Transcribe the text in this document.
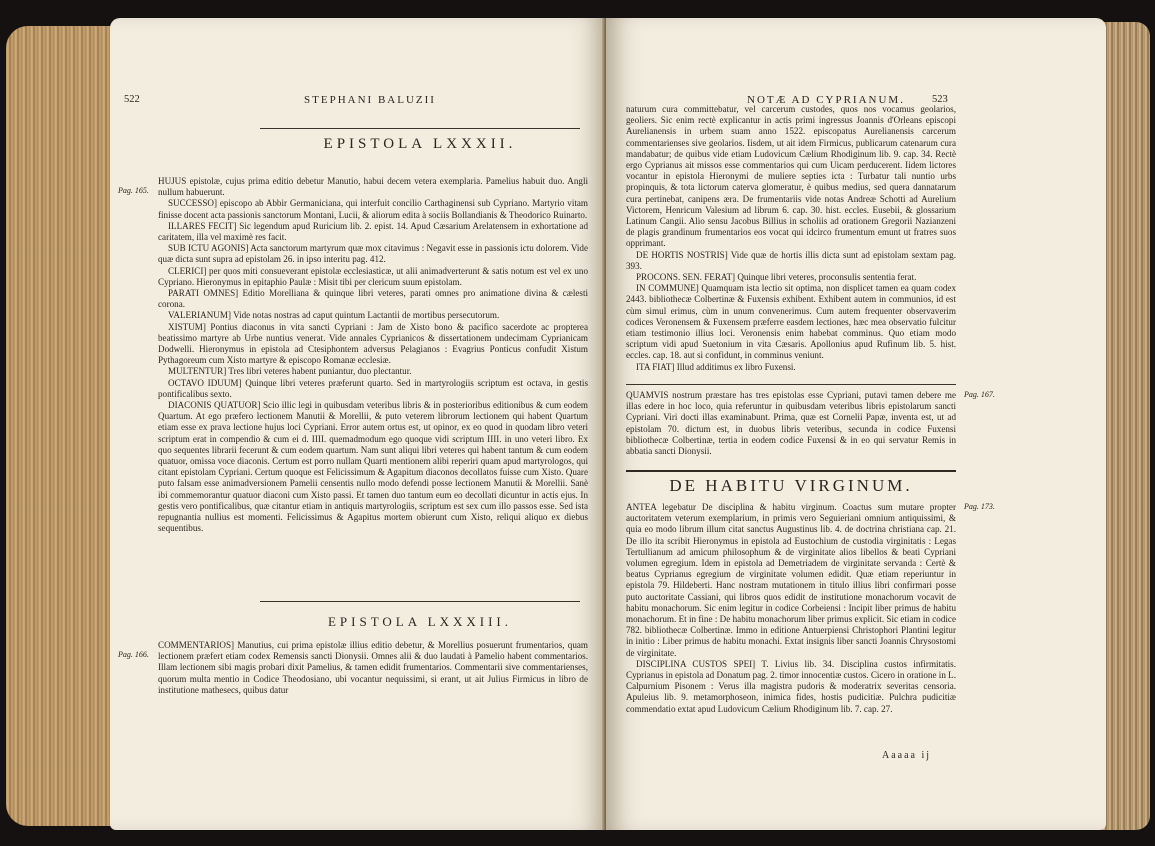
522	STEPHANI BALUZII
EPISTOLA LXXXII.
Pag. 165.

HUJUS epistolæ, cujus prima editio debetur Manutio, habui decem vetera exemplaria. Pamelius habuit duo. Angli nullum habuerunt.

SUCCESSO] episcopo ab Abbir Germaniciana, qui interfuit concilio Carthaginensi sub Cypriano. Martyrio vitam finisse docent acta passionis sanctorum Montani, Lucii, & aliorum edita à sociis Bollandianis & Theodorico Ruinarto.

ILLARES FECIT] Sic legendum apud Ruricium lib. 2. epist. 14. Apud Cæsarium Arelatensem in exhortatione ad caritatem, illa vel maximè res facit.

SUB ICTU AGONIS] Acta sanctorum martyrum quæ mox citavimus : Negavit esse in passionis ictu dolorem. Vide quæ dicta sunt supra ad epistolam 26. in ipso interitu pag. 412.

CLERICI] per quos miti consueverant epistolæ ecclesiasticæ, ut alii animadverterunt & satis notum est vel ex uno Cypriano. Hieronymus in epitaphio Paulæ : Misit tibi per clericum suum epistolam.

PARATI OMNES] Editio Morelliana & quinque libri veteres, parati omnes pro animatione divina & cælesti corona.

VALERIANUM] Vide notas nostras ad caput quintum Lactantii de mortibus persecutorum.

XISTUM] Pontius diaconus in vita sancti Cypriani : Jam de Xisto bono & pacifico sacerdote ac propterea beatissimo martyre ab Urbe nuntius venerat. Vide annales Cyprianicos & dissertationem undecimam Cyprianicam Dodwelli. Hieronymus in epistola ad Ctesiphontem adversus Pelagianos : Evagrius Ponticus confudit Xistum Pythagoreum cum Xisto martyre & episcopo Romanæ ecclesiæ.

MULTENTUR] Tres libri veteres habent puniantur, duo plectantur.

OCTAVO IDUUM] Quinque libri veteres præferunt quarto. Sed in martyrologiis scriptum est octava, in gestis pontificalibus sexto.

DIACONIS QUATUOR] Scio illic legi in quibusdam veteribus libris & in posterioribus editionibus & cum eodem Quartum. At ego præfero lectionem Manutii & Morellii, & puto veterem librorum lectionem qui habent Quartum etiam esse ex prava lectione hujus loci Cypriani. Error autem ortus est, ut opinor, ex eo quod in quodam libro veteri scriptum erat in compendio & cum ei d. IIII. quemadmodum ego quoque vidi scriptum IIII. in uno veteri libro. Ex quo sequentes librarii fecerunt & cum eodem quartum. Nam sunt aliqui libri veteres qui habent tantum & cum eodem quatuor, omissa voce diaconis. Certum est porro nullam Quarti mentionem alibi reperiri quam apud martyrologos, qui citant epistolam Cypriani. Certum quoque est Felicissimum & Agapitum diaconos decollatos fuisse cum Xisto. Quare puto falsam esse animadversionem Pamelii censentis nullo modo defendi posse lectionem Manutii & Morellii. Sanè ibi commemorantur quatuor diaconi cum Xisto passi. Et tamen duo tantum eum eo decollati dicuntur in actis ejus. In gestis vero pontificalibus, quæ citantur etiam in antiquis martyrologiis, scriptum est sex cum illo passos esse. Sed ista repugnantia nullius est momenti. Felicissimus & Agapitus mortem obierunt cum Xisto, reliqui aliquo ex diebus sequentibus.

EPISTOLA LXXXIII.
Pag. 166.

COMMENTARIOS] Manutius, cui prima epistolæ illius editio debetur, & Morellius posuerunt frumentarios, quam lectionem præfert etiam codex Remensis sancti Dionysii. Omnes alii & duo laudati à Pamelio habent commentarios. Illam lectionem sibi magis probari dixit Pamelius, & tamen edidit frumentarios. Commentarii sive commentarienses, quorum multa mentio in Codice Theodosiano, ubi vocantur nequissimi, si erant, ut ait Julius Firmicus in libro de institutione mathesecs, quibus datur

NOTÆ AD CYPRIANUM.	523

naturum cura committebatur, vel carcerum custodes, quos nos vocamus geolarios, geoliers. Sic enim rectè explicantur in actis primi ingressus Joannis d'Orleans episcopi Aurelianensis in urbem suam anno 1522. episcopatus Aurelianensis carcerum commentarienses sive geolarios. Iisdem, ut ait idem Firmicus, publicarum catenarum cura mandabatur; de quibus vide etiam Ludovicum Cælium Rhodiginum lib. 9. cap. 34. Rectè ergo Cyprianus ait missos esse commentarios qui cum Uicam perducerent. Iidem lictores vocantur in epistola Hieronymi de muliere septies icta : Turbatur tali nuntio urbs propinquis, & tota lictorum caterva glomeratur, è quibus medius, sed quera dannatarum cura pertinebat, canipens æra. De frumentariis vide notas Andreæ Schotti ad Aurelium Victorem, Henricum Valesium ad librum 6. cap. 30. hist. eccles. Eusebii, & glossarium Latinum Cangii. Alio sensu Jacobus Billius in scholiis ad orationem Gregorii Nazianzeni de plagis grandinum frumentarios eos vocat qui idcirco frumentum emunt ut fratres suos opprimant.

DE HORTIS NOSTRIS] Vide quæ de hortis illis dicta sunt ad epistolam sextam pag. 393.

PROCONS. SEN. FERAT] Quinque libri veteres, proconsulis sententia ferat.

IN COMMUNE] Quamquam ista lectio sit optima, non displicet tamen ea quam codex 2443. bibliothecæ Colbertinæ & Fuxensis exhibent. Exhibent autem in communios, id est cùm simul erimus, cùm in unum convenerimus. Cum autem frequenter observaverim codices Veronensem & Fuxensem præferre easdem lectiones, hæc mea observatio fulcitur etiam testimonio illius loci. Veronensis enim habebat comminus. Quo etiam modo scriptum vidi apud Suetonium in vita Cæsaris. Apollonius apud Rufinum lib. 5. hist. eccles. cap. 18. aut si confidunt, in comminus veniunt.

ITA FIAT] Illud additimus ex libro Fuxensi.

Pag. 167.

QUAMVIS nostrum præstare has tres epistolas esse Cypriani, putavi tamen debere me illas edere in hoc loco, quia referuntur in quibusdam veteribus libris epistolarum sancti Cypriani. Viri docti illas examinabunt. Prima, quæ est Cornelii Papæ, inventa est, ut ad epistolam 70. dictum est, in duobus libris veteribus, secunda in codice Fuxensi bibliothecæ Colbertinæ, tertia in eodem codice Fuxensi & in eo qui servatur Remis in abbatia sancti Dionysii.

DE HABITU VIRGINUM.
Pag. 173.

ANTEA legebatur De disciplina & habitu virginum. Coactus sum mutare propter auctoritatem veterum exemplarium, in primis vero Seguieriani omnium antiquissimi, & quia eo modo librum illum citat sanctus Augustinus lib. 4. de doctrina christiana cap. 21. De illo ita scribit Hieronymus in epistola ad Eustochium de custodia virginitatis : Legas Tertullianum ad amicum philosophum & de virginitate alios libellos & beati Cypriani volumen egregium. Idem in epistola ad Demetriadem de virginitate servanda : Certè & beatus Cyprianus egregium de virginitate volumen edidit. Quæ etiam reperiuntur in epistola 79. Hildeberti. Hanc nostram mutationem in titulo illius libri confirmari posse puto auctoritate Cassiani, qui libros quos edidit de institutione monachorum vocavit de habitu monachorum. Sic enim legitur in codice Corbeiensi : Incipit liber primus de habitu monachorum. Et in fine : De habitu monachorum liber primus explicit. Sic etiam in codice 782. bibliothecæ Colbertinæ. Immo in editione Antuerpiensi Christophori Plantini legitur in initio : Liber primus de habitu monachi. Extat insignis liber sancti Joannis Chrysostomi de virginitate.

DISCIPLINA CUSTOS SPEI] T. Livius lib. 34. Disciplina custos infirmitatis. Cyprianus in epistola ad Donatum pag. 2. timor innocentiæ custos. Cicero in oratione in L. Calpurnium Pisonem : Verus illa magistra pudoris & moderatrix severitas censoria. Apuleius lib. 9. metamorphoseon, inimica fides, hostis pudicitiæ. Pulchra pudicitiæ commendatio extat apud Ludovicum Cælium Rhodiginum lib. 7. cap. 27.

Aaaaa ij
